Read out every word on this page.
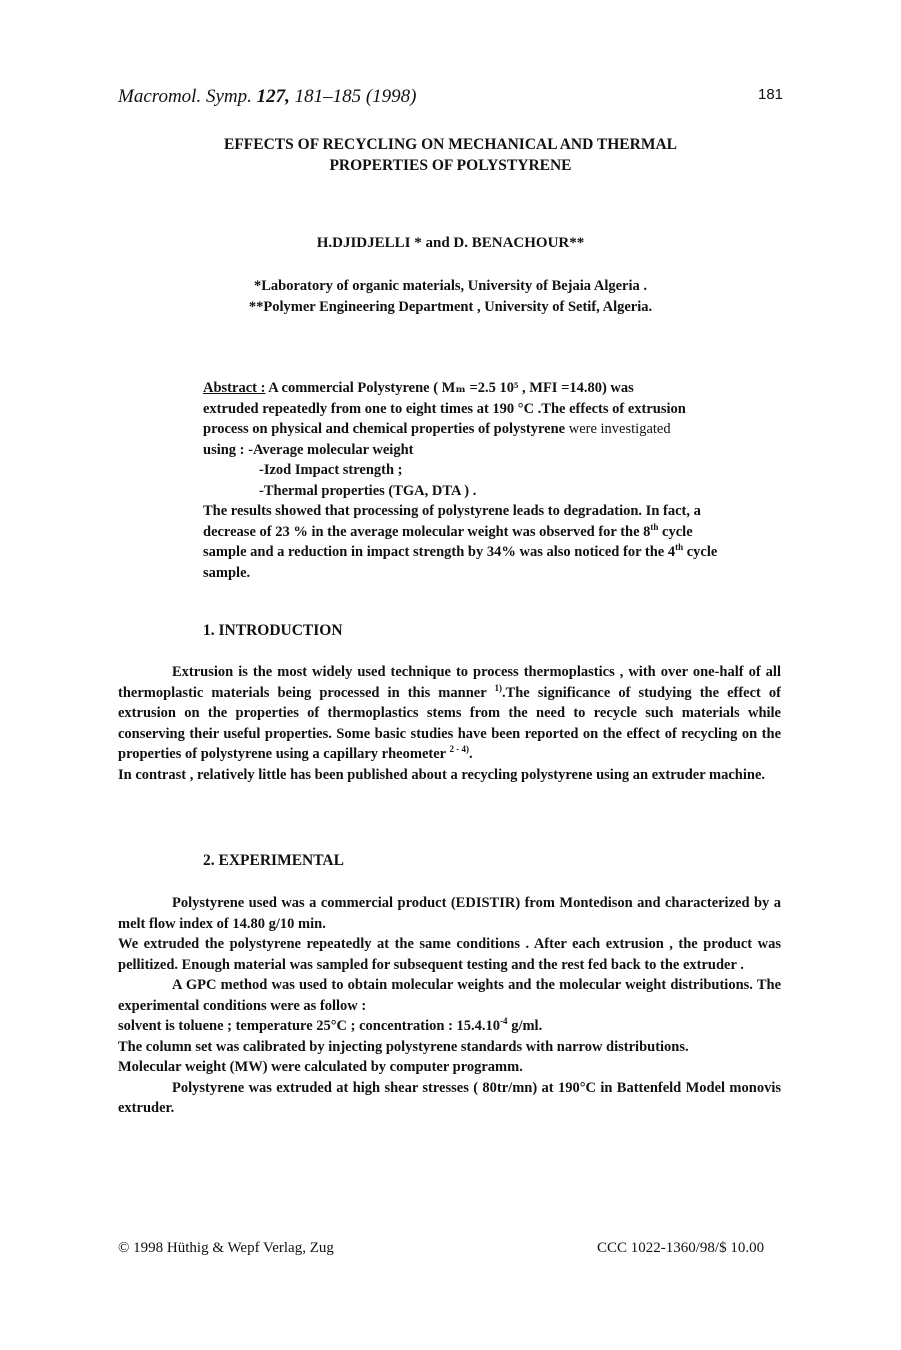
Macromol. Symp. 127, 181–185 (1998)	181
EFFECTS OF RECYCLING ON MECHANICAL AND THERMAL
PROPERTIES OF POLYSTYRENE
H.DJIDJELLI * and D. BENACHOUR**
*Laboratory of organic materials, University of Bejaia Algeria .
**Polymer Engineering Department , University of Setif, Algeria.
Abstract : A commercial Polystyrene ( Mₘ =2.5 10⁵ , MFI =14.80) was
extruded repeatedly from one to eight times at 190 °C .The effects of extrusion
process on physical and chemical properties of polystyrene were investigated
using : -Average molecular weight
-Izod Impact strength ;
-Thermal properties (TGA, DTA ) .
The results showed that processing of polystyrene leads to degradation. In fact, a
decrease of 23 % in the average molecular weight was observed for the 8th cycle
sample and a reduction in impact strength by 34% was also noticed for the 4th cycle
sample.
1. INTRODUCTION

Extrusion is the most widely used technique to process thermoplastics , with over one-half of all thermoplastic materials being processed in this manner $^{1)}$.The significance of studying the effect of extrusion on the properties of thermoplastics stems from the need to recycle such materials while conserving their useful properties. Some basic studies have been reported on the effect of recycling on the properties of polystyrene using a capillary rheometer $^{2 - 4)}$.

In contrast , relatively little has been published about a recycling polystyrene using an extruder machine.

2. EXPERIMENTAL

Polystyrene used was a commercial product (EDISTIR) from Montedison and characterized by a melt flow index of 14.80 g/10 min.

We extruded the polystyrene repeatedly at the same conditions . After each extrusion , the product was pellitized. Enough material was sampled for subsequent testing and the rest fed back to the extruder .

A GPC method was used to obtain molecular weights and the molecular weight distributions. The experimental conditions were as follow :

solvent is toluene ; temperature 25°C ; concentration : $15.4.10^{-4}$ g/ml.

The column set was calibrated by injecting polystyrene standards with narrow distributions.

Molecular weight (MW) were calculated by computer programm.

Polystyrene was extruded at high shear stresses ( 80tr/mn) at 190°C in Battenfeld Model monovis extruder.

© 1998 Hüthig & Wepf Verlag, Zug	CCC 1022-1360/98/$ 10.00
